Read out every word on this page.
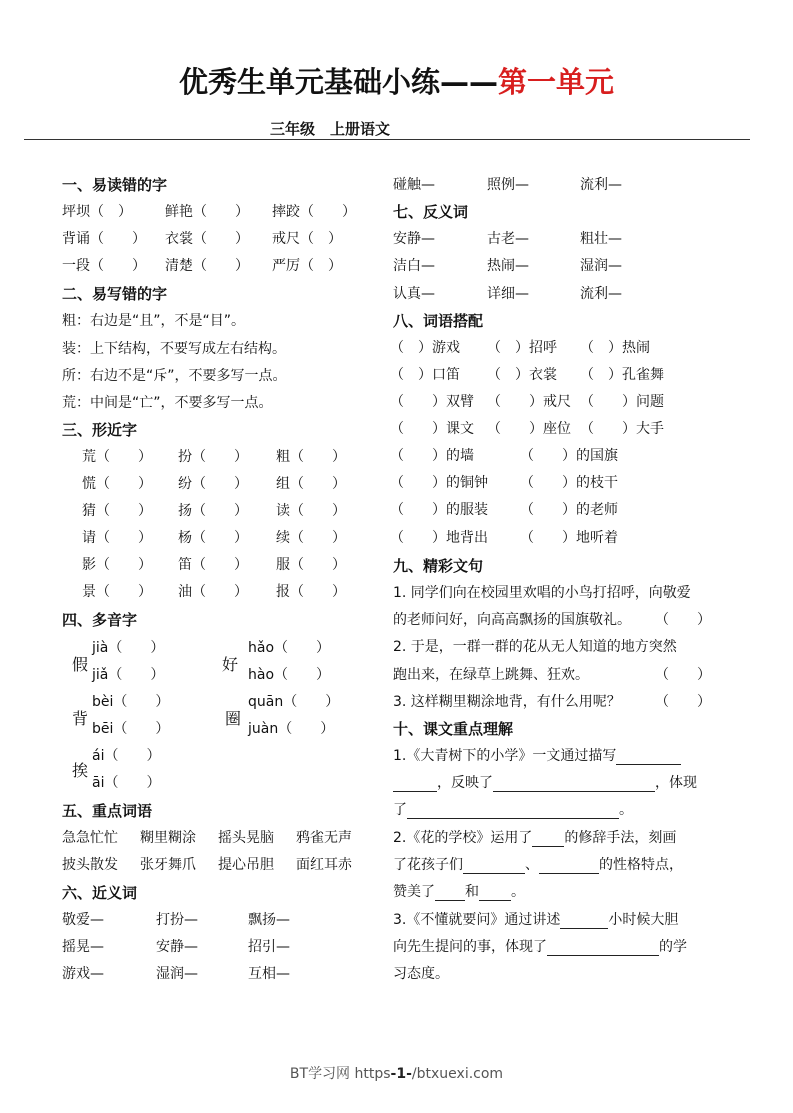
优秀生单元基础小练——第一单元
三年级　上册语文
一、易读错的字
坪坝（　） 鲜艳（　　） 摔跤（　　）
背诵（　　） 衣裳（　　） 戒尺（　）
一段（　　） 清楚（　　） 严厉（　）
二、易写错的字
粗：右边是“且”，不是“目”。
装：上下结构，不要写成左右结构。
所：右边不是“斥”，不要多写一点。
荒：中间是“亡”，不要多写一点。
三、形近字
荒（　　） 扮（　　） 粗（　　）
慌（　　） 纷（　　） 组（　　）
猜（　　） 扬（　　） 读（　　）
请（　　） 杨（　　） 续（　　）
影（　　） 笛（　　） 服（　　）
景（　　） 油（　　） 报（　　）
四、多音字
假
jià（　　）
jiǎ（　　）
好
hǎo（　　）
hào（　　）
背
bèi（　　）
bēi（　　）
圈
quān（　　）
juàn（　　）
挨
ái（　　）
āi（　　）
五、重点词语
急急忙忙 糊里糊涂 摇头晃脑 鸦雀无声
披头散发 张牙舞爪 提心吊胆 面红耳赤
六、近义词
敬爱—	打扮—	飘扬—
摇晃—	安静—	招引—
游戏—	湿润—	互相—
碰触—	照例—	流利—
七、反义词
安静—	古老—	粗壮—
洁白—	热闹—	湿润—
认真—	详细—	流利—
八、词语搭配
（　）游戏 （　）招呼 （　）热闹
（　）口笛 （　）衣裳 （　）孔雀舞
（　　）双臂 （　　）戒尺 （　　）问题
（　　）课文 （　　）座位 （　　）大手
（　　）的墙	（　　）的国旗
（　　）的铜钟 （　　）的枝干
（　　）的服装 （　　）的老师
（　　）地背出 （　　）地听着
九、精彩文句
1. 同学们向在校园里欢唱的小鸟打招呼，向敬爱
的老师问好，向高高飘扬的国旗敬礼。 （　　）
2. 于是，一群一群的花从无人知道的地方突然
跑出来，在绿草上跳舞、狂欢。	（　　）
3. 这样糊里糊涂地背，有什么用呢？ （　　）
十、课文重点理解
1.《大青树下的小学》一文通过描写
，反映了	，体现
了	。
2.《花的学校》运用了 的修辞手法，刻画
了花孩子们	、	的性格特点，
赞美了 和 。
3.《不懂就要问》通过讲述	小时候大胆
向先生提问的事，体现了	的学
习态度。
BT学习网 https-1-/btxuexi.com
